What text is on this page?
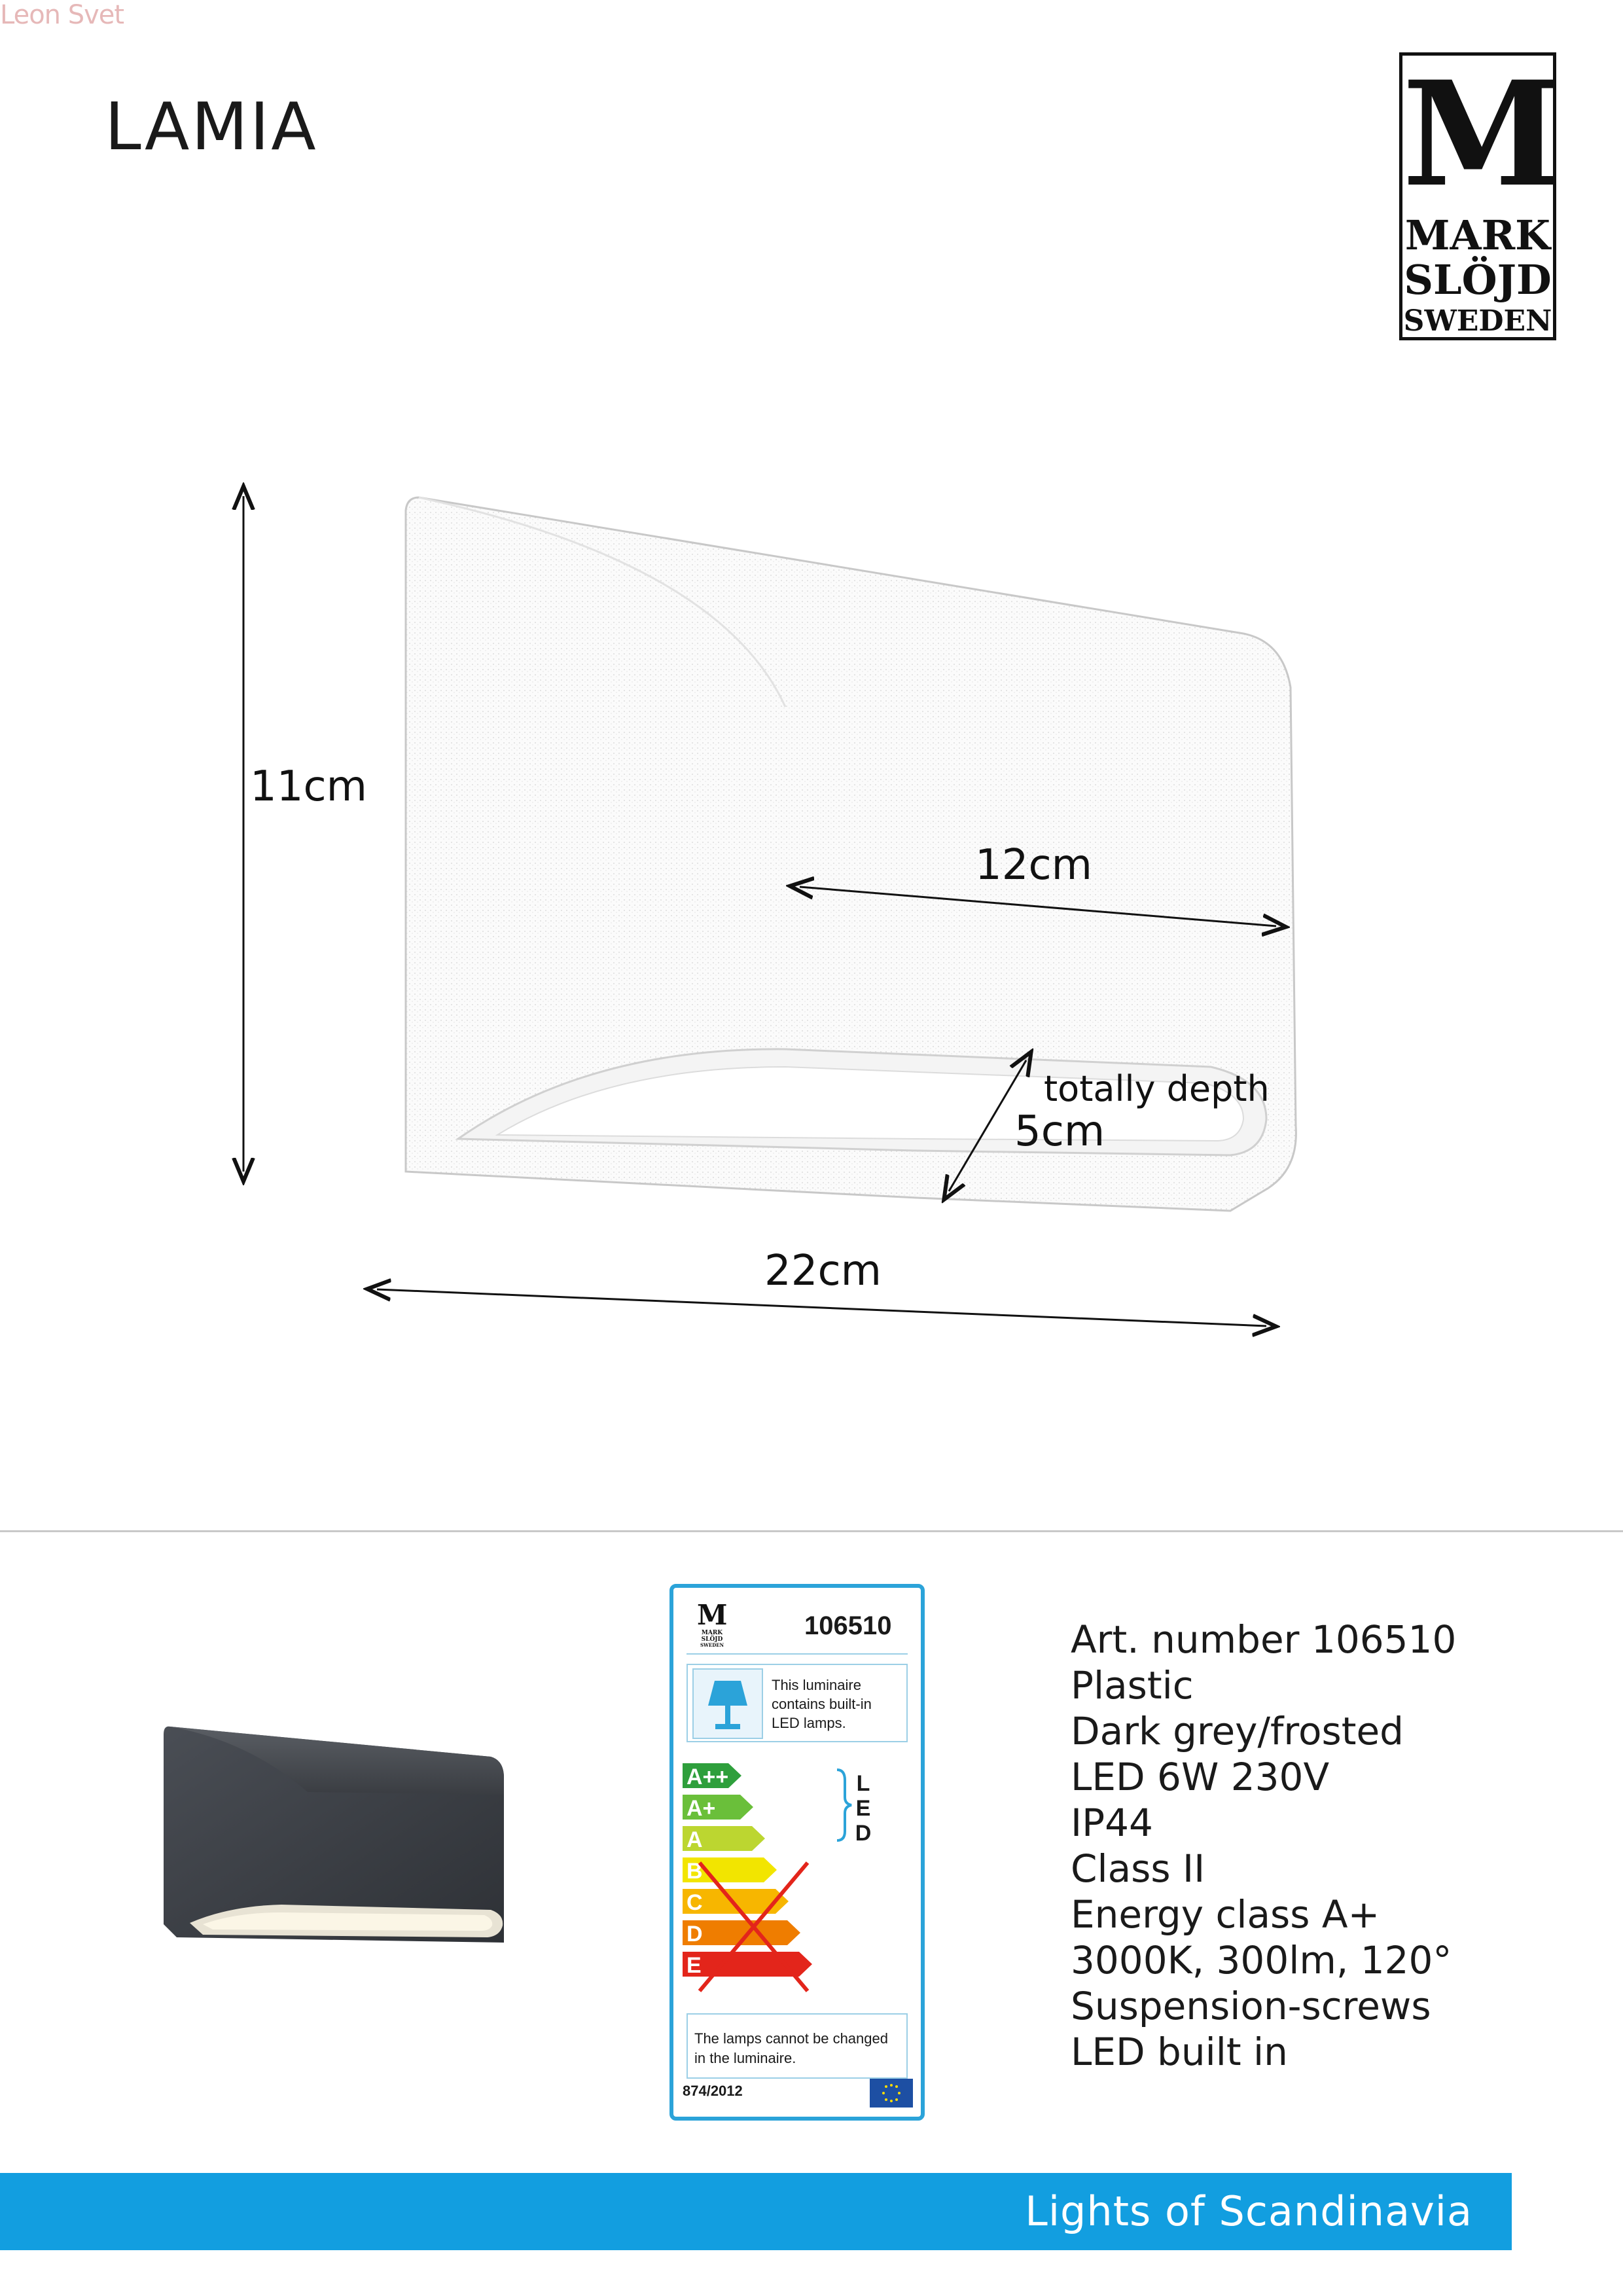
Leon Svet
LAMIA	M
MARK
SLÖJD
SWEDEN
11cm
12cm
totally depth
5cm
22cm
M
MARK
SLÖJD
SWEDEN
106510
This luminaire
contains built-in
LED lamps.
A++
A+
A
B
C
D
E
L
E
D
The lamps cannot be changed
in the luminaire.
874/2012
Art. number 106510
Plastic
Dark grey/frosted
LED 6W 230V
IP44
Class II
Energy class A+
3000K, 300lm, 120°
Suspension-screws
LED built in
Lights of Scandinavia
